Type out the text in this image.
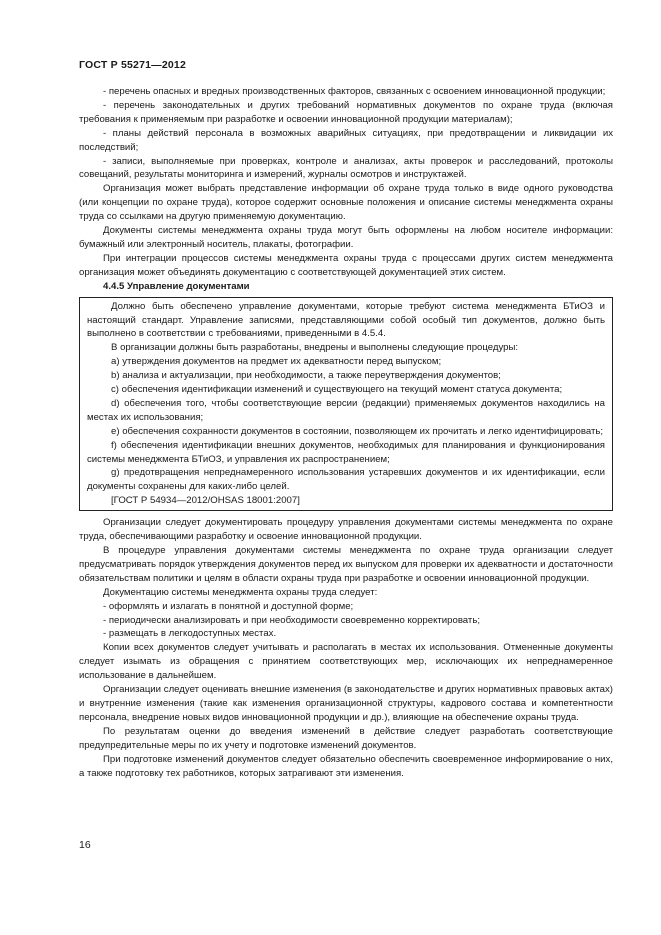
ГОСТ Р 55271—2012

- перечень опасных и вредных производственных факторов, связанных с освоением инновационной продукции;

- перечень законодательных и других требований нормативных документов по охране труда (включая требования к применяемым при разработке и освоении инновационной продукции материалам);

- планы действий персонала в возможных аварийных ситуациях, при предотвращении и ликвидации их последствий;

- записи, выполняемые при проверках, контроле и анализах, акты проверок и расследований, протоколы совещаний, результаты мониторинга и измерений, журналы осмотров и инструктажей.

Организация может выбрать представление информации об охране труда только в виде одного руководства (или концепции по охране труда), которое содержит основные положения и описание системы менеджмента охраны труда со ссылками на другую применяемую документацию.

Документы системы менеджмента охраны труда могут быть оформлены на любом носителе информации: бумажный или электронный носитель, плакаты, фотографии.

При интеграции процессов системы менеджмента охраны труда с процессами других систем менеджмента организация может объединять документацию с соответствующей документацией этих систем.

4.4.5 Управление документами

Должно быть обеспечено управление документами, которые требуют система менеджмента БТиОЗ и настоящий стандарт. Управление записями, представляющими собой особый тип документов, должно быть выполнено в соответствии с требованиями, приведенными в 4.5.4.

В организации должны быть разработаны, внедрены и выполнены следующие процедуры:

a) утверждения документов на предмет их адекватности перед выпуском;

b) анализа и актуализации, при необходимости, а также переутверждения документов;

c) обеспечения идентификации изменений и существующего на текущий момент статуса документа;

d) обеспечения того, чтобы соответствующие версии (редакции) применяемых документов находились на местах их использования;

e) обеспечения сохранности документов в состоянии, позволяющем их прочитать и легко идентифицировать;

f) обеспечения идентификации внешних документов, необходимых для планирования и функционирования системы менеджмента БТиОЗ, и управления их распространением;

g) предотвращения непреднамеренного использования устаревших документов и их идентификации, если документы сохранены для каких-либо целей.

[ГОСТ Р 54934—2012/OHSAS 18001:2007]

Организации следует документировать процедуру управления документами системы менеджмента по охране труда, обеспечивающими разработку и освоение инновационной продукции.

В процедуре управления документами системы менеджмента по охране труда организации следует предусматривать порядок утверждения документов перед их выпуском для проверки их адекватности и достаточности обязательствам политики и целям в области охраны труда при разработке и освоении инновационной продукции.

Документацию системы менеджмента охраны труда следует:

- оформлять и излагать в понятной и доступной форме;

- периодически анализировать и при необходимости своевременно корректировать;

- размещать в легкодоступных местах.

Копии всех документов следует учитывать и располагать в местах их использования. Отмененные документы следует изымать из обращения с принятием соответствующих мер, исключающих их непреднамеренное использование в дальнейшем.

Организации следует оценивать внешние изменения (в законодательстве и других нормативных правовых актах) и внутренние изменения (такие как изменения организационной структуры, кадрового состава и компетентности персонала, внедрение новых видов инновационной продукции и др.), влияющие на обеспечение охраны труда.

По результатам оценки до введения изменений в действие следует разработать соответствующие предупредительные меры по их учету и подготовке изменений документов.

При подготовке изменений документов следует обязательно обеспечить своевременное информирование о них, а также подготовку тех работников, которых затрагивают эти изменения.

16
